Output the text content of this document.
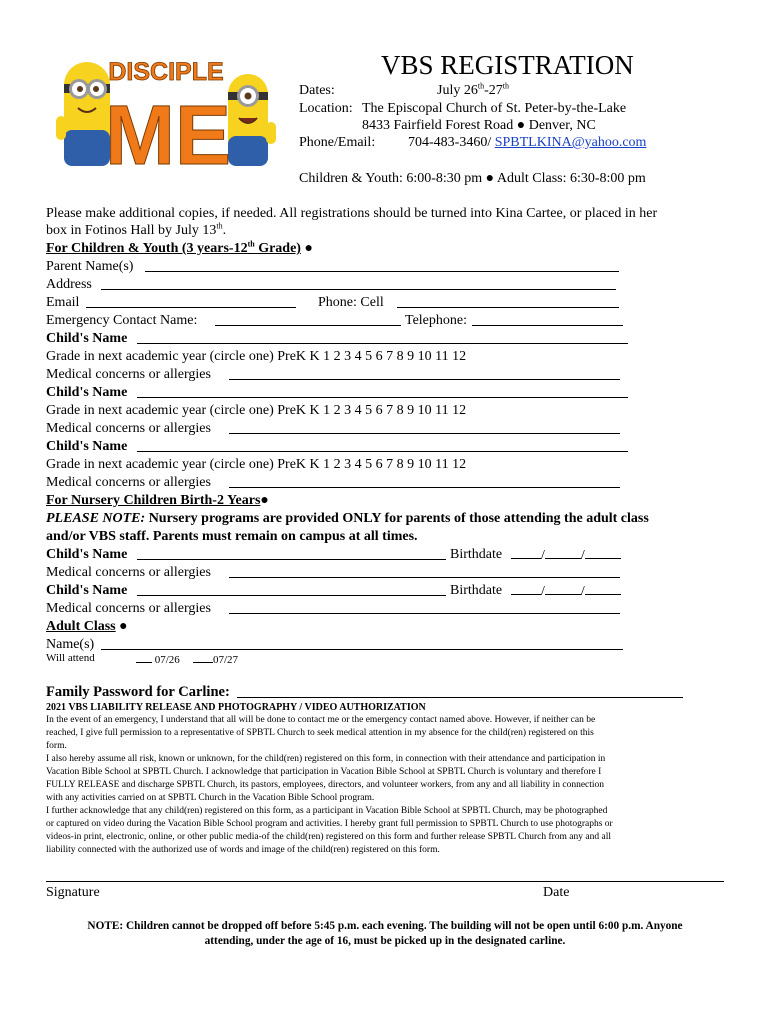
DISCIPLE
ME
VBS REGISTRATION
Dates:	July 26th-27th
Location: The Episcopal Church of St. Peter-by-the-Lake
8433 Fairfield Forest Road ● Denver, NC
Phone/Email: 704-483-3460/ SPBTLKINA@yahoo.com
Children & Youth: 6:00-8:30 pm ● Adult Class: 6:30-8:00 pm
Please make additional copies, if needed. All registrations should be turned into Kina Cartee, or placed in her
box in Fotinos Hall by July 13th.
For Children & Youth (3 years-12th Grade) ●
Parent Name(s)
Address
Email	Phone: Cell
Emergency Contact Name:	Telephone:
Child's Name
Grade in next academic year (circle one) PreK K 1 2 3 4 5 6 7 8 9 10 11 12
Medical concerns or allergies
Child's Name
Grade in next academic year (circle one) PreK K 1 2 3 4 5 6 7 8 9 10 11 12
Medical concerns or allergies
Child's Name
Grade in next academic year (circle one) PreK K 1 2 3 4 5 6 7 8 9 10 11 12
Medical concerns or allergies
For Nursery Children Birth-2 Years●
PLEASE NOTE: Nursery programs are provided ONLY for parents of those attending the adult class
and/or VBS staff. Parents must remain on campus at all times.
Child's Name	Birthdate	/	/
Medical concerns or allergies
Child's Name	Birthdate	/	/
Medical concerns or allergies
Adult Class ●
Name(s)
Will attend	07/26	07/27
Family Password for Carline:
2021 VBS LIABILITY RELEASE AND PHOTOGRAPHY / VIDEO AUTHORIZATION
In the event of an emergency, I understand that all will be done to contact me or the emergency contact named above. However, if neither can be
reached, I give full permission to a representative of SPBTL Church to seek medical attention in my absence for the child(ren) registered on this
form.
I also hereby assume all risk, known or unknown, for the child(ren) registered on this form, in connection with their attendance and participation in
Vacation Bible School at SPBTL Church. I acknowledge that participation in Vacation Bible School at SPBTL Church is voluntary and therefore I
FULLY RELEASE and discharge SPBTL Church, its pastors, employees, directors, and volunteer workers, from any and all liability in connection
with any activities carried on at SPBTL Church in the Vacation Bible School program.
I further acknowledge that any child(ren) registered on this form, as a participant in Vacation Bible School at SPBTL Church, may be photographed
or captured on video during the Vacation Bible School program and activities. I hereby grant full permission to SPBTL Church to use photographs or
videos-in print, electronic, online, or other public media-of the child(ren) registered on this form and further release SPBTL Church from any and all
liability connected with the authorized use of words and image of the child(ren) registered on this form.
Signature	Date
NOTE: Children cannot be dropped off before 5:45 p.m. each evening. The building will not be open until 6:00 p.m. Anyone
attending, under the age of 16, must be picked up in the designated carline.
